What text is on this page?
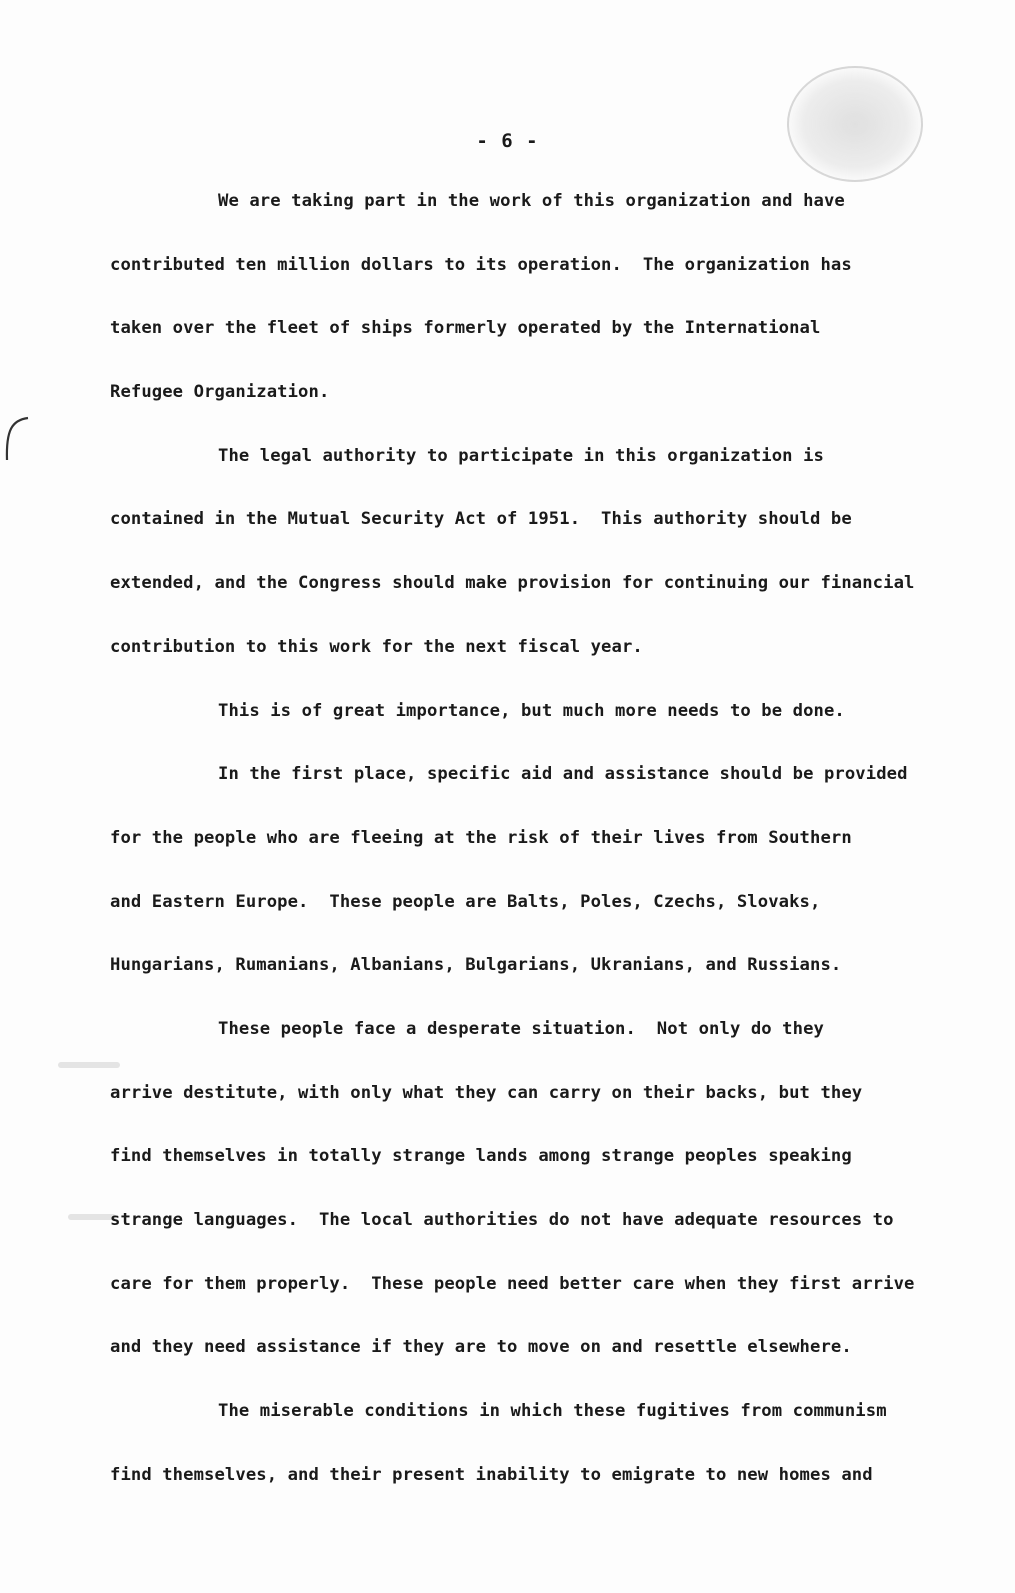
- 6 -
We are taking part in the work of this organization and have
contributed ten million dollars to its operation.  The organization has
taken over the fleet of ships formerly operated by the International
Refugee Organization.
The legal authority to participate in this organization is
contained in the Mutual Security Act of 1951.  This authority should be
extended, and the Congress should make provision for continuing our financial
contribution to this work for the next fiscal year.
This is of great importance, but much more needs to be done.
In the first place, specific aid and assistance should be provided
for the people who are fleeing at the risk of their lives from Southern
and Eastern Europe.  These people are Balts, Poles, Czechs, Slovaks,
Hungarians, Rumanians, Albanians, Bulgarians, Ukranians, and Russians.
These people face a desperate situation.  Not only do they
arrive destitute, with only what they can carry on their backs, but they
find themselves in totally strange lands among strange peoples speaking
strange languages.  The local authorities do not have adequate resources to
care for them properly.  These people need better care when they first arrive
and they need assistance if they are to move on and resettle elsewhere.
The miserable conditions in which these fugitives from communism
find themselves, and their present inability to emigrate to new homes and
